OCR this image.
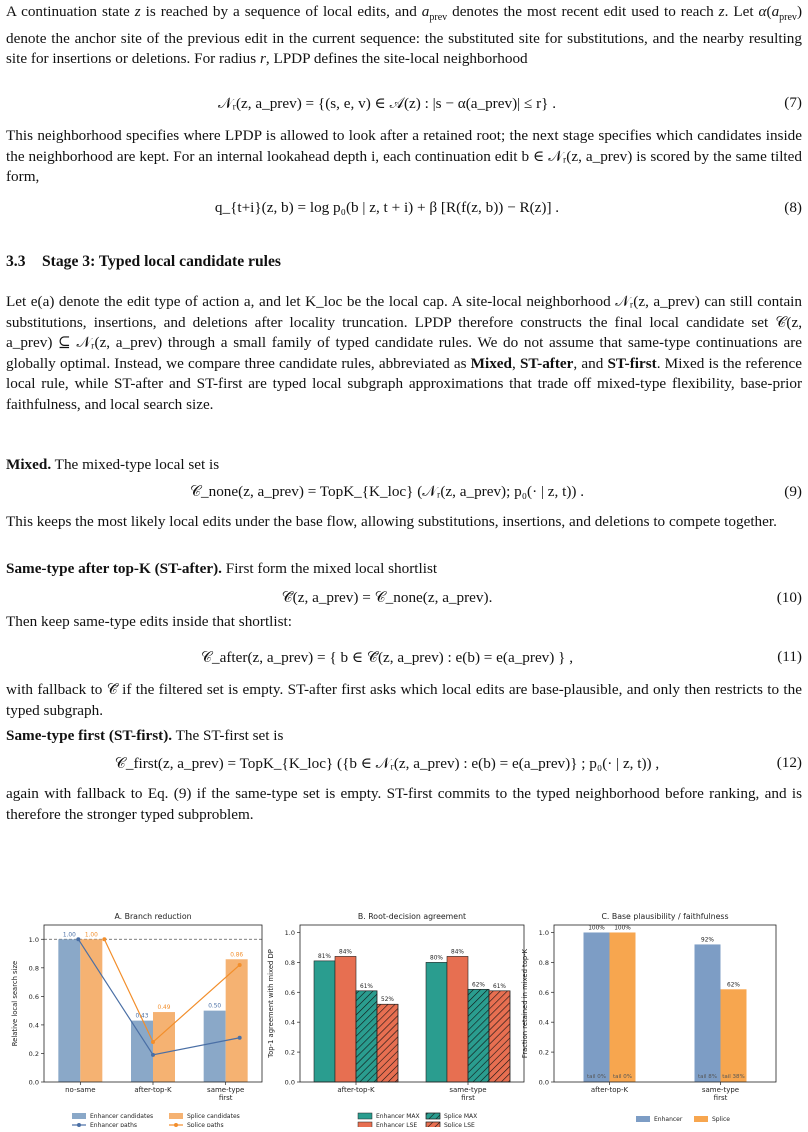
A continuation state z is reached by a sequence of local edits, and $a_{prev}$ denotes the most recent edit used to reach z. Let $\alpha(a_{prev})$ denote the anchor site of the previous edit in the current sequence: the substituted site for substitutions, and the nearby resulting site for insertions or deletions. For radius r, LPDP defines the site-local neighborhood

𝒩ᵣ(z, a_prev) = {(s, e, v) ∈ 𝒜(z) : |s − α(a_prev)| ≤ r} .	(7)

This neighborhood specifies where LPDP is allowed to look after a retained root; the next stage specifies which candidates inside the neighborhood are kept. For an internal lookahead depth i, each continuation edit b ∈ 𝒩ᵣ(z, a_prev) is scored by the same tilted form,

q_{t+i}(z, b) = log p₀(b | z, t + i) + β [R(f(z, b)) − R(z)] .	(8)
3.3 Stage 3: Typed local candidate rules

Let e(a) denote the edit type of action a, and let K_loc be the local cap. A site-local neighborhood 𝒩ᵣ(z, a_prev) can still contain substitutions, insertions, and deletions after locality truncation. LPDP therefore constructs the final local candidate set 𝒞(z, a_prev) ⊆ 𝒩ᵣ(z, a_prev) through a small family of typed candidate rules. We do not assume that same-type continuations are globally optimal. Instead, we compare three candidate rules, abbreviated as Mixed, ST-after, and ST-first. Mixed is the reference local rule, while ST-after and ST-first are typed local subgraph approximations that trade off mixed-type flexibility, base-prior faithfulness, and local search size.

Mixed. The mixed-type local set is

𝒞_none(z, a_prev) = TopK_{K_loc} (𝒩ᵣ(z, a_prev); p₀(· | z, t)) .	(9)

This keeps the most likely local edits under the base flow, allowing substitutions, insertions, and deletions to compete together.

Same-type after top-K (ST-after). First form the mixed local shortlist

𝒞̃(z, a_prev) = 𝒞_none(z, a_prev).	(10)

Then keep same-type edits inside that shortlist:

𝒞_after(z, a_prev) = { b ∈ 𝒞̃(z, a_prev) : e(b) = e(a_prev) } ,	(11)

with fallback to 𝒞̃ if the filtered set is empty. ST-after first asks which local edits are base-plausible, and only then restricts to the typed subgraph.

Same-type first (ST-first). The ST-first set is

𝒞_first(z, a_prev) = TopK_{K_loc} ({b ∈ 𝒩ᵣ(z, a_prev) : e(b) = e(a_prev)} ; p₀(· | z, t)) ,	(12)

again with fallback to Eq. (9) if the same-type set is empty. ST-first commits to the typed neighborhood before ranking, and is therefore the stronger typed subproblem.

A. Branch reduction
Relative local search size
0.0
0.2
0.4
0.6
0.8
1.0
1.00 1.00
no-same
0.43
0.49
after-top-K
0.50
0.86
same-type
first
B. Root-decision agreement
Top-1 agreement with mixed DP
0.0
0.2
0.4
0.6
0.8
1.0
81%
84%
61%
52%
after-top-K
80%
84%
62% 61%
same-type
first
C. Base plausibility / faithfulness
Fraction retained in mixed top-K
0.0
0.2
0.4
0.6
0.8
1.0
100%
tail 0%
100%
tail 0%
after-top-K
92%
tail 8%
62%
tail 38%
same-type
first
Enhancer candidates	Splice candidates
Enhancer paths	Splice paths
Enhancer MAX	Splice MAX
Enhancer LSE	Splice LSE
Enhancer	Splice
